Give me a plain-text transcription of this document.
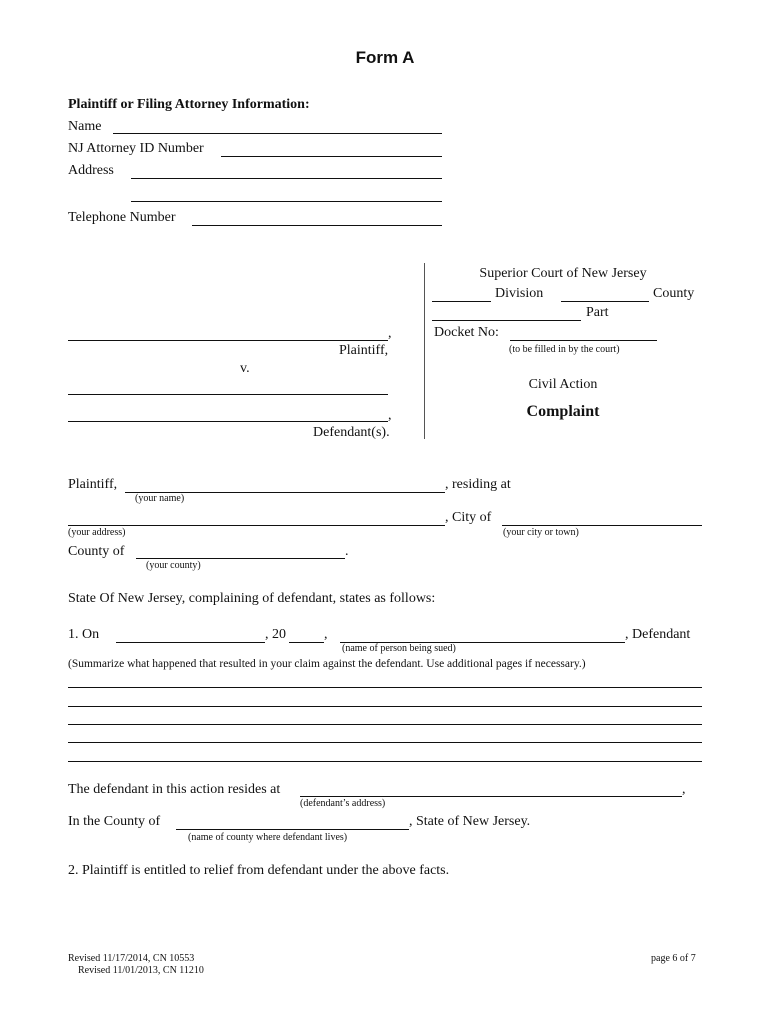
Form A
Plaintiff or Filing Attorney Information:
Name
NJ Attorney ID Number
Address
Telephone Number
,
Plaintiff,
v.
,
Defendant(s).
Superior Court of New Jersey
Division	County
Part
Docket No:
(to be filled in by the court)
Civil Action
Complaint
Plaintiff,	, residing at
(your name)
, City of
(your address)	(your city or town)
County of	.
(your county)
State Of New Jersey, complaining of defendant, states as follows:
1. On	, 20	,	, Defendant
(name of person being sued)
(Summarize what happened that resulted in your claim against the defendant. Use additional pages if necessary.)
The defendant in this action resides at	,
(defendant’s address)
In the County of	, State of New Jersey.
(name of county where defendant lives)
2. Plaintiff is entitled to relief from defendant under the above facts.
Revised 11/17/2014, CN 10553
Revised 11/01/2013, CN 11210
page 6 of 7
